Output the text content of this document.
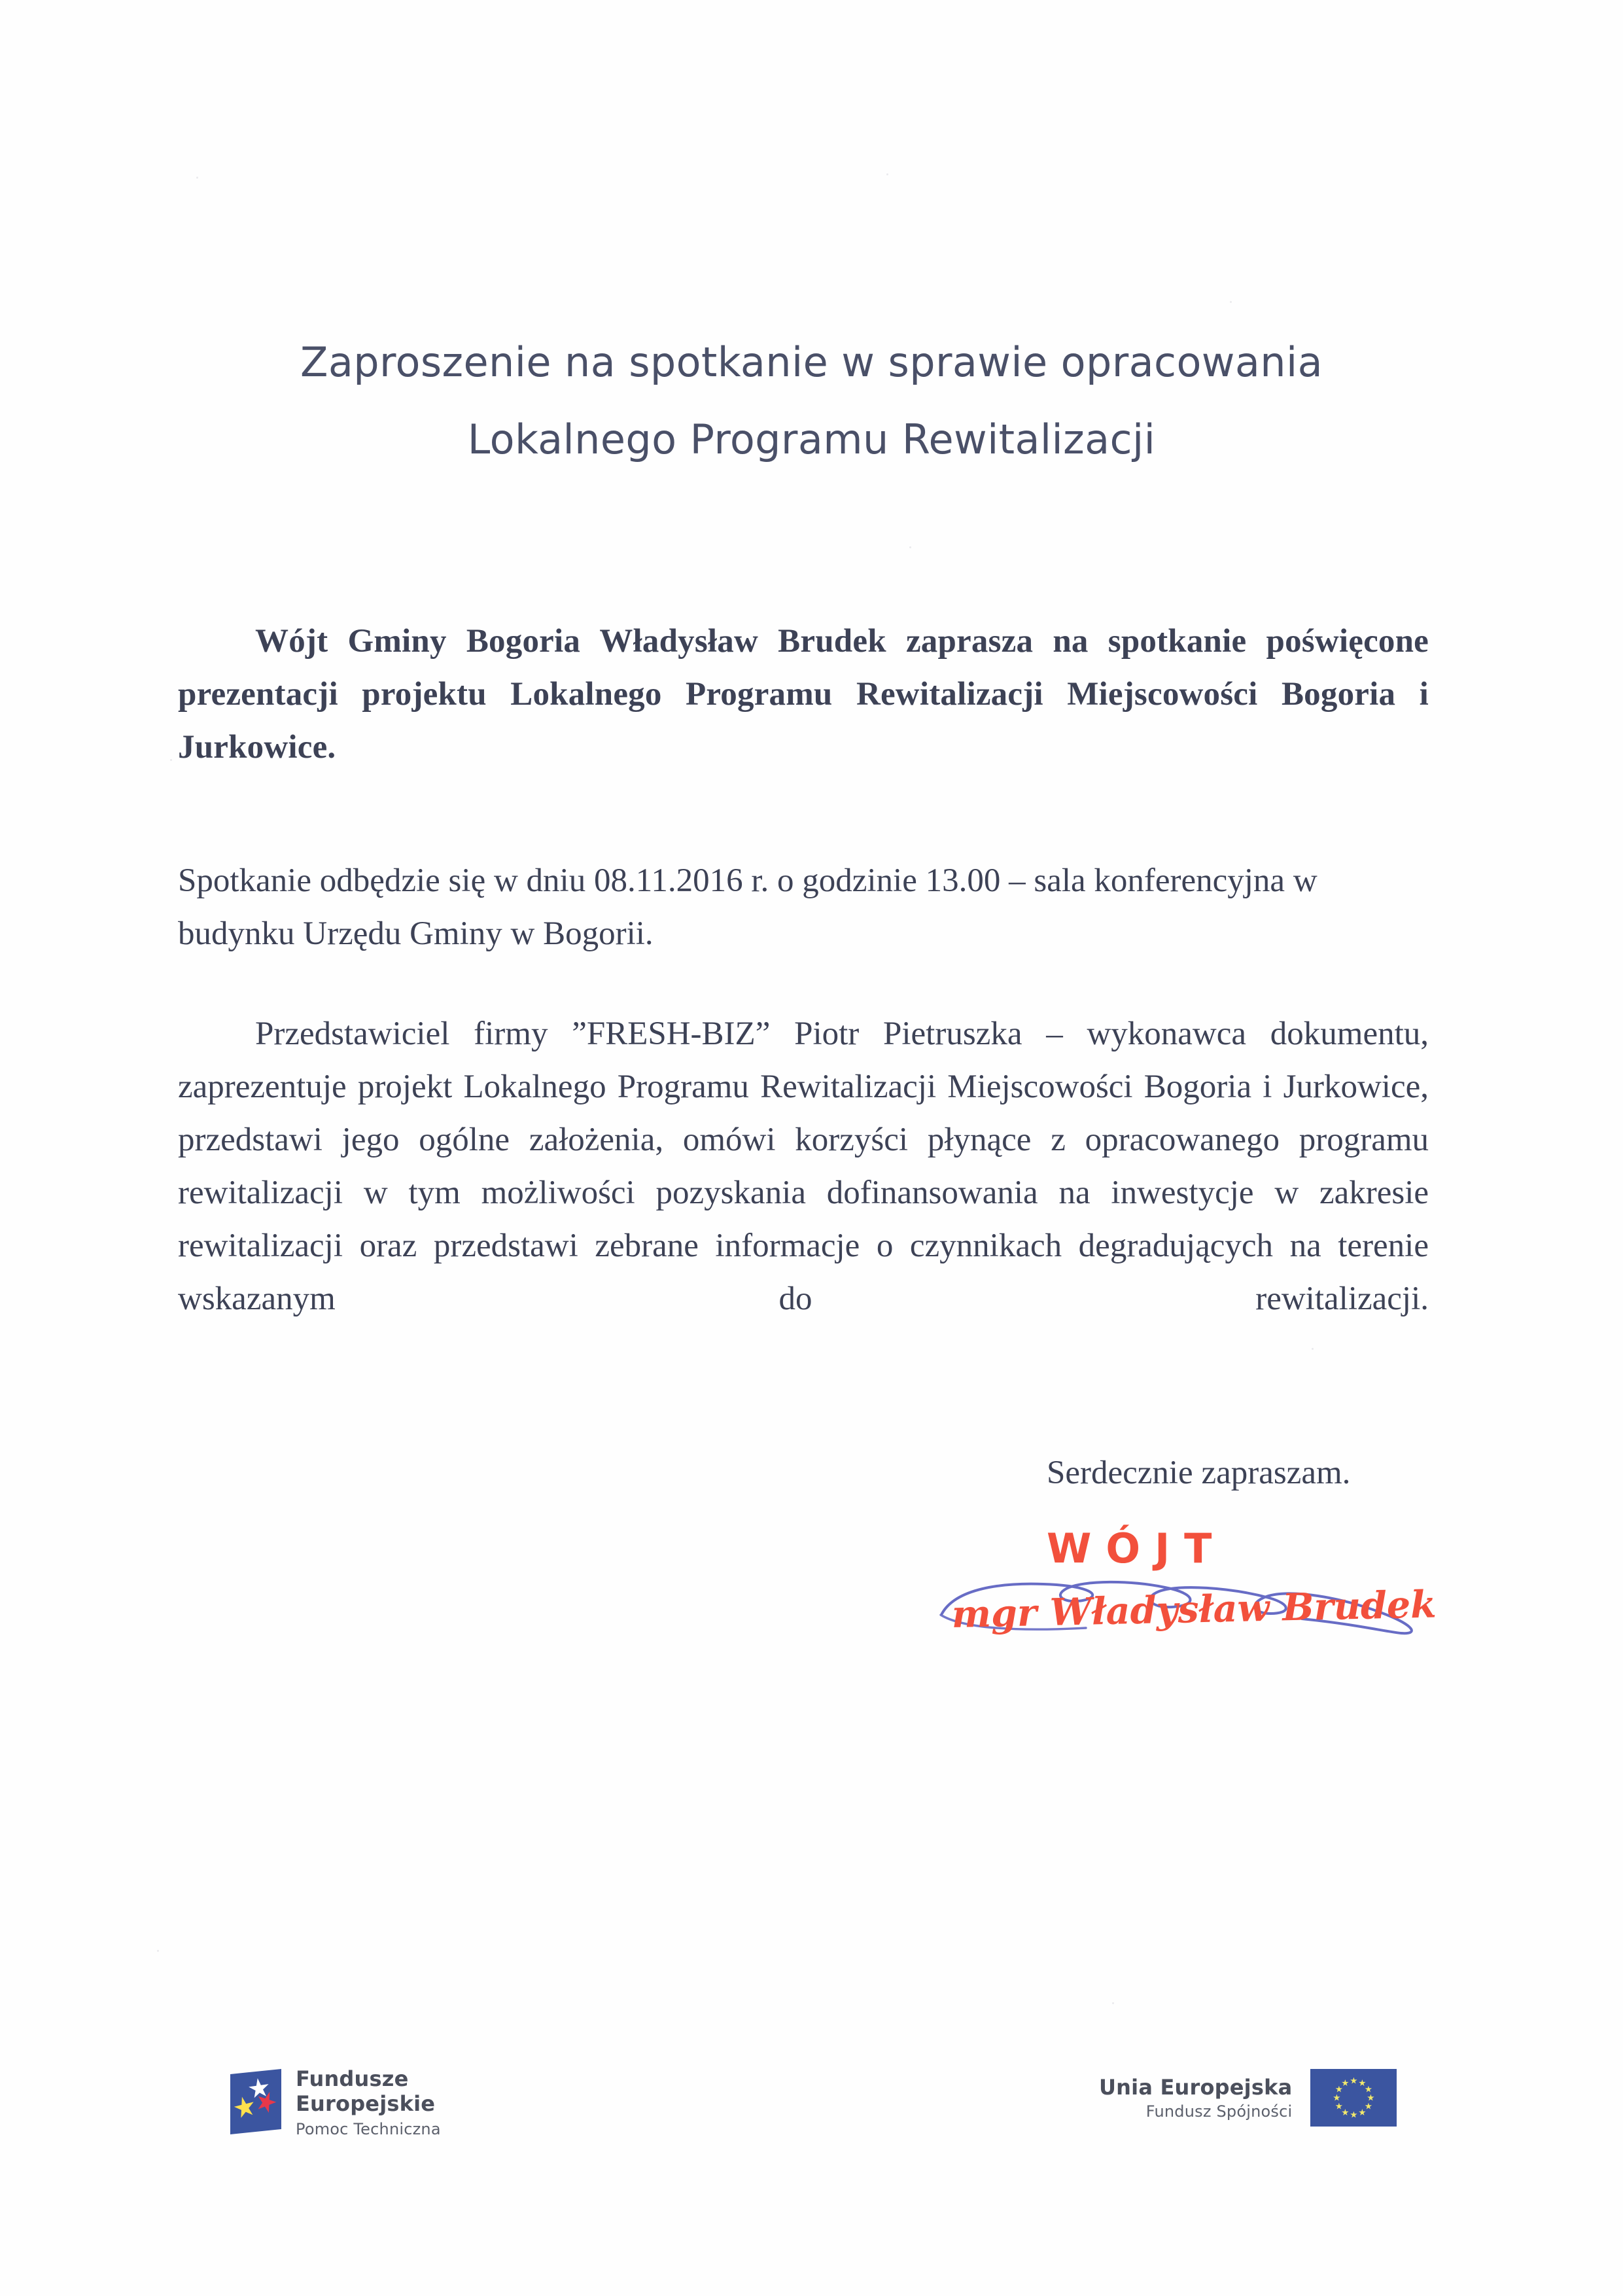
Zaproszenie na spotkanie w sprawie opracowania
Lokalnego Programu Rewitalizacji

Wójt Gminy Bogoria Władysław Brudek zaprasza na spotkanie poświęcone prezentacji projektu Lokalnego Programu Rewitalizacji Miejscowości Bogoria i Jurkowice.

Spotkanie odbędzie się w dniu 08.11.2016 r. o godzinie 13.00 – sala konferencyjna w budynku Urzędu Gminy w Bogorii.

Przedstawiciel firmy ”FRESH-BIZ” Piotr Pietruszka – wykonawca dokumentu, zaprezentuje projekt Lokalnego Programu Rewitalizacji Miejscowości Bogoria i Jurkowice, przedstawi jego ogólne założenia, omówi korzyści płynące z opracowanego programu rewitalizacji w tym możliwości pozyskania dofinansowania na inwestycje w zakresie rewitalizacji oraz przedstawi zebrane informacje o czynnikach degradujących na terenie wskazanym do rewitalizacji.

Serdecznie zapraszam.
WÓJT
mgr Władysław Brudek
Fundusze
Europejskie
Pomoc Techniczna
Unia Europejska
Fundusz Spójności
